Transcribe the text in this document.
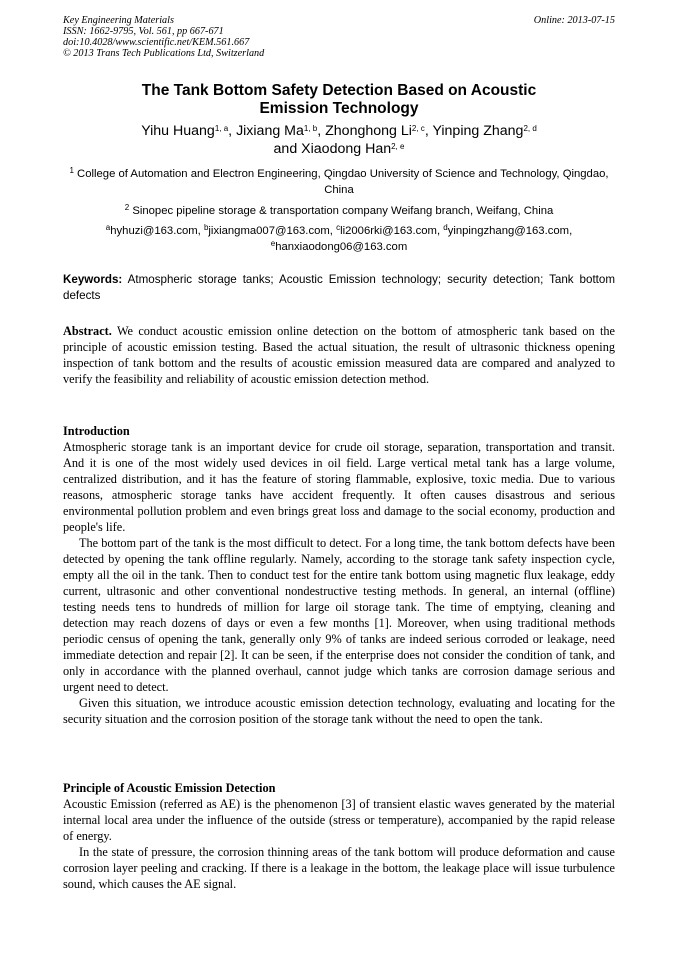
Key Engineering Materials
ISSN: 1662-9795, Vol. 561, pp 667-671
doi:10.4028/www.scientific.net/KEM.561.667
© 2013 Trans Tech Publications Ltd, Switzerland
Online: 2013-07-15
The Tank Bottom Safety Detection Based on Acoustic
Emission Technology
Yihu Huang$^{1, a}$, Jixiang Ma$^{1, b}$, Zhonghong Li$^{2, c}$, Yinping Zhang$^{2, d}$
and Xiaodong Han$^{2, e}$
$^1$ College of Automation and Electron Engineering, Qingdao University of Science and Technology, Qingdao, China
$^2$ Sinopec pipeline storage & transportation company Weifang branch, Weifang, China
$^a$hyhuzi@163.com, $^b$jixiangma007@163.com, $^c$li2006rki@163.com, $^d$yinpingzhang@163.com,
$^e$hanxiaodong06@163.com
Keywords: Atmospheric storage tanks; Acoustic Emission technology; security detection; Tank bottom defects

Abstract. We conduct acoustic emission online detection on the bottom of atmospheric tank based on the principle of acoustic emission testing. Based the actual situation, the result of ultrasonic thickness opening inspection of tank bottom and the results of acoustic emission measured data are compared and analyzed to verify the feasibility and reliability of acoustic emission detection method.

Introduction

Atmospheric storage tank is an important device for crude oil storage, separation, transportation and transit. And it is one of the most widely used devices in oil field. Large vertical metal tank has a large volume, centralized distribution, and it has the feature of storing flammable, explosive, toxic media. Due to various reasons, atmospheric storage tanks have accident frequently. It often causes disastrous and serious environmental pollution problem and even brings great loss and damage to the social economy, production and people's life.

The bottom part of the tank is the most difficult to detect. For a long time, the tank bottom defects have been detected by opening the tank offline regularly. Namely, according to the storage tank safety inspection cycle, empty all the oil in the tank. Then to conduct test for the entire tank bottom using magnetic flux leakage, eddy current, ultrasonic and other conventional nondestructive testing methods. In general, an internal (offline) testing needs tens to hundreds of million for large oil storage tank. The time of emptying, cleaning and detection may reach dozens of days or even a few months [1]. Moreover, when using traditional methods periodic census of opening the tank, generally only 9% of tanks are indeed serious corroded or leakage, need immediate detection and repair [2]. It can be seen, if the enterprise does not consider the condition of tank, and only in accordance with the planned overhaul, cannot judge which tanks are corrosion damage serious and urgent need to detect.

Given this situation, we introduce acoustic emission detection technology, evaluating and locating for the security situation and the corrosion position of the storage tank without the need to open the tank.

Principle of Acoustic Emission Detection

Acoustic Emission (referred as AE) is the phenomenon [3] of transient elastic waves generated by the material internal local area under the influence of the outside (stress or temperature), accompanied by the rapid release of energy.

In the state of pressure, the corrosion thinning areas of the tank bottom will produce deformation and cause corrosion layer peeling and cracking. If there is a leakage in the bottom, the leakage place will issue turbulence sound, which causes the AE signal.
